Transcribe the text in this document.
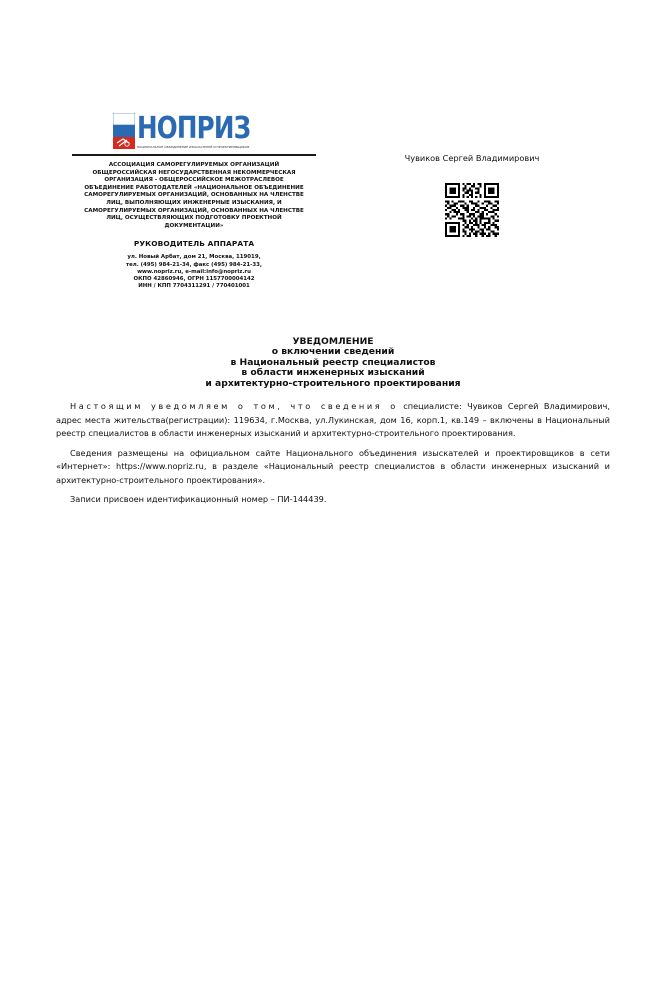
НОПРИЗ
НАЦИОНАЛЬНОЕ ОБЪЕДИНЕНИЕ ИЗЫСКАТЕЛЕЙ И ПРОЕКТИРОВЩИКОВ
АССОЦИАЦИЯ САМОРЕГУЛИРУЕМЫХ ОРГАНИЗАЦИЙ ОБЩЕРОССИЙСКАЯ НЕГОСУДАРСТВЕННАЯ НЕКОММЕРЧЕСКАЯ ОРГАНИЗАЦИЯ - ОБЩЕРОССИЙСКОЕ МЕЖОТРАСЛЕВОЕ ОБЪЕДИНЕНИЕ РАБОТОДАТЕЛЕЙ «НАЦИОНАЛЬНОЕ ОБЪЕДИНЕНИЕ САМОРЕГУЛИРУЕМЫХ ОРГАНИЗАЦИЙ, ОСНОВАННЫХ НА ЧЛЕНСТВЕ ЛИЦ, ВЫПОЛНЯЮЩИХ ИНЖЕНЕРНЫЕ ИЗЫСКАНИЯ, И САМОРЕГУЛИРУЕМЫХ ОРГАНИЗАЦИЙ, ОСНОВАННЫХ НА ЧЛЕНСТВЕ ЛИЦ, ОСУЩЕСТВЛЯЮЩИХ ПОДГОТОВКУ ПРОЕКТНОЙ ДОКУМЕНТАЦИИ»
РУКОВОДИТЕЛЬ АППАРАТА
ул. Новый Арбат, дом 21, Москва, 119019,
тел. (495) 984-21-34, факс (495) 984-21-33,
www.nopriz.ru, e-mail:info@nopriz.ru
ОКПО 42860946, ОГРН 1157700004142
ИНН / КПП 7704311291 / 770401001
Чувиков Сергей Владимирович
УВЕДОМЛЕНИЕ
о включении сведений
в Национальный реестр специалистов
в области инженерных изысканий
и архитектурно-строительного проектирования

Настоящим уведомляем о том, что сведения о специалисте: Чувиков Сергей Владимирович, адрес места жительства(регистрации): 119634, г.Москва, ул.Лукинская, дом 16, корп.1, кв.149 – включены в Национальный реестр специалистов в области инженерных изысканий и архитектурно-строительного проектирования.

Сведения размещены на официальном сайте Национального объединения изыскателей и проектировщиков в сети «Интернет»: https://www.nopriz.ru, в разделе «Национальный реестр специалистов в области инженерных изысканий и архитектурно-строительного проектирования».

Записи присвоен идентификационный номер – ПИ-144439.
